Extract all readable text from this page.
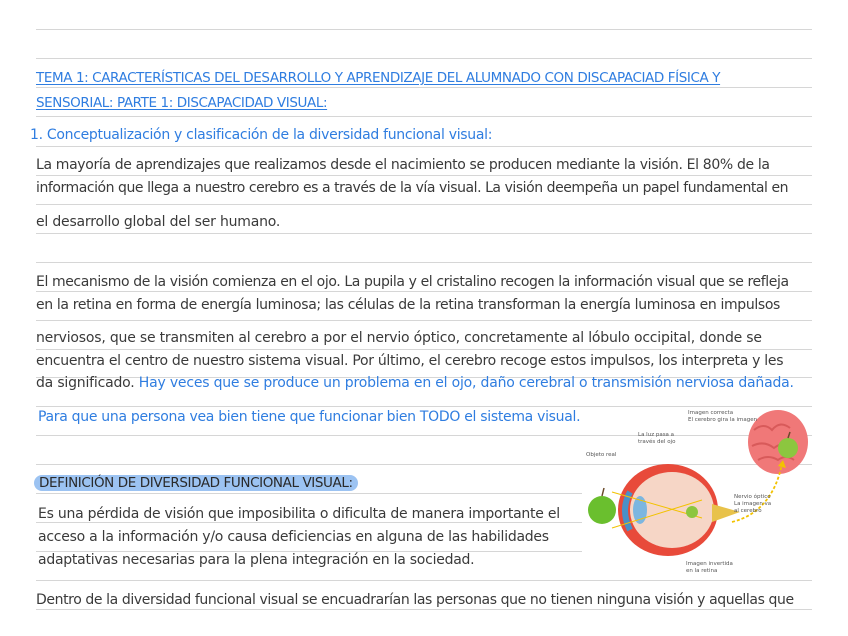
TEMA 1: CARACTERÍSTICAS DEL DESARROLLO Y APRENDIZAJE DEL ALUMNADO CON DISCAPACIAD FÍSICA Y
SENSORIAL: PARTE 1: DISCAPACIDAD VISUAL:
1. Conceptualización y clasificación de la diversidad funcional visual:
La mayoría de aprendizajes que realizamos desde el nacimiento se producen mediante la visión. El 80% de la
información que llega a nuestro cerebro es a través de la vía visual. La visión deempeña un papel fundamental en
el desarrollo global del ser humano.
El mecanismo de la visión comienza en el ojo. La pupila y el cristalino recogen la información visual que se refleja
en la retina en forma de energía luminosa; las células de la retina transforman la energía luminosa en impulsos
nerviosos, que se transmiten al cerebro a por el nervio óptico, concretamente al lóbulo occipital, donde se
encuentra el centro de nuestro sistema visual. Por último, el cerebro recoge estos impulsos, los interpreta y les
da significado. Hay veces que se produce un problema en el ojo, daño cerebral o transmisión nerviosa dañada.
Para que una persona vea bien tiene que funcionar bien TODO el sistema visual.
DEFINICIÓN DE DIVERSIDAD FUNCIONAL VISUAL:
Es una pérdida de visión que imposibilita o dificulta de manera importante el
acceso a la información y/o causa deficiencias en alguna de las habilidades
adaptativas necesarias para la plena integración en la sociedad.
Dentro de la diversidad funcional visual se encuadrarían las personas que no tienen ninguna visión y aquellas que
Objeto real
La luz pasa a
través del ojo
Imagen correcta
El cerebro gira la imagen
Nervio óptico
La imagen va
al cerebro
Imagen invertida
en la retina
